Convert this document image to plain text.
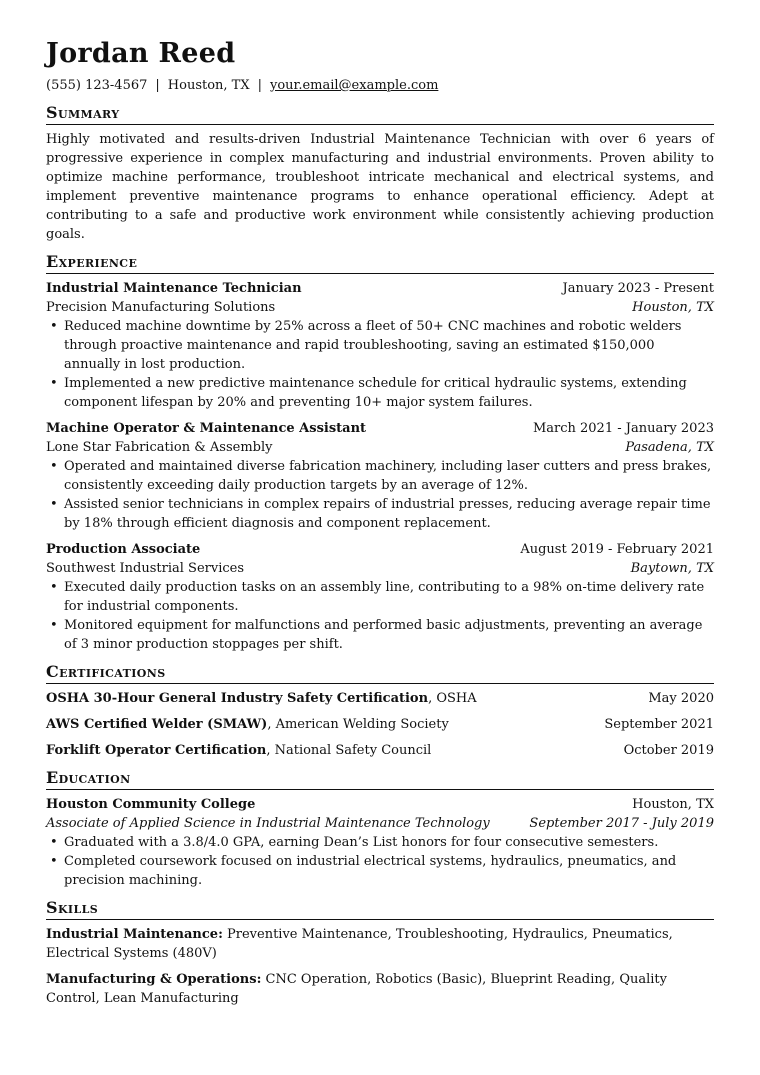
Jordan Reed
(555) 123-4567 | Houston, TX | your.email@example.com
Summary
Highly motivated and results-driven Industrial Maintenance Technician with over 6 years of progressive experience in complex manufacturing and industrial environments. Proven ability to optimize machine performance, troubleshoot intricate mechanical and electrical systems, and implement preventive maintenance programs to enhance operational efficiency. Adept at contributing to a safe and productive work environment while consistently achieving production goals.
Experience
Industrial Maintenance Technician	January 2023 - Present
Precision Manufacturing Solutions	Houston, TX
• Reduced machine downtime by 25% across a fleet of 50+ CNC machines and robotic welders through proactive maintenance and rapid troubleshooting, saving an estimated $150,000 annually in lost production.
• Implemented a new predictive maintenance schedule for critical hydraulic systems, extending component lifespan by 20% and preventing 10+ major system failures.
Machine Operator & Maintenance Assistant	March 2021 - January 2023
Lone Star Fabrication & Assembly	Pasadena, TX
• Operated and maintained diverse fabrication machinery, including laser cutters and press brakes, consistently exceeding daily production targets by an average of 12%.
• Assisted senior technicians in complex repairs of industrial presses, reducing average repair time by 18% through efficient diagnosis and component replacement.
Production Associate	August 2019 - February 2021
Southwest Industrial Services	Baytown, TX
• Executed daily production tasks on an assembly line, contributing to a 98% on-time delivery rate for industrial components.
• Monitored equipment for malfunctions and performed basic adjustments, preventing an average of 3 minor production stoppages per shift.
Certifications
OSHA 30-Hour General Industry Safety Certification, OSHA	May 2020
AWS Certified Welder (SMAW), American Welding Society	September 2021
Forklift Operator Certification, National Safety Council	October 2019
Education
Houston Community College	Houston, TX
Associate of Applied Science in Industrial Maintenance Technology	September 2017 - July 2019
• Graduated with a 3.8/4.0 GPA, earning Dean’s List honors for four consecutive semesters.
• Completed coursework focused on industrial electrical systems, hydraulics, pneumatics, and precision machining.
Skills
Industrial Maintenance: Preventive Maintenance, Troubleshooting, Hydraulics, Pneumatics, Electrical Systems (480V)
Manufacturing & Operations: CNC Operation, Robotics (Basic), Blueprint Reading, Quality Control, Lean Manufacturing
